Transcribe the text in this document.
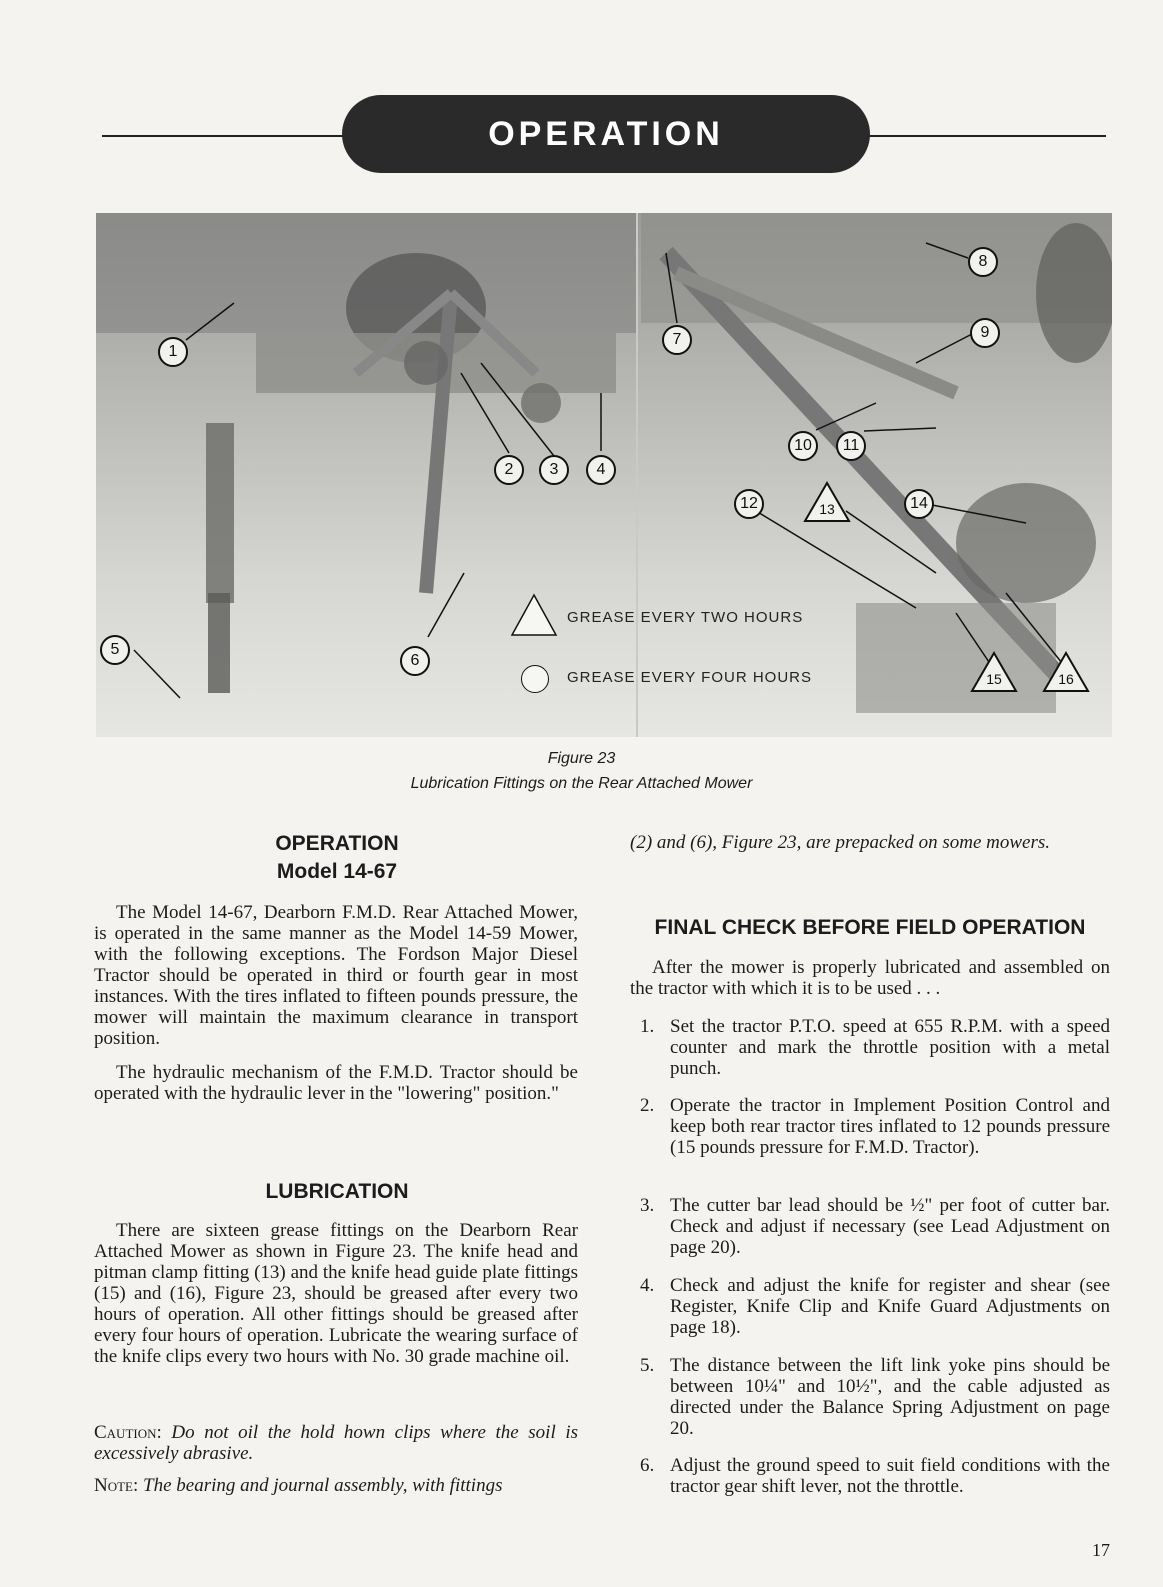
OPERATION
1
2	3	4
5
6
7
8
9
10	11
12	14
13
15	16
GREASE EVERY TWO HOURS
GREASE EVERY FOUR HOURS
Figure 23
Lubrication Fittings on the Rear Attached Mower
OPERATION
Model 14-67

The Model 14-67, Dearborn F.M.D. Rear Attached Mower, is operated in the same manner as the Model 14-59 Mower, with the following exceptions. The Fordson Major Diesel Tractor should be operated in third or fourth gear in most instances. With the tires inflated to fifteen pounds pressure, the mower will maintain the maximum clearance in transport position.

The hydraulic mechanism of the F.M.D. Tractor should be operated with the hydraulic lever in the "lowering" position."

LUBRICATION

There are sixteen grease fittings on the Dearborn Rear Attached Mower as shown in Figure 23. The knife head and pitman clamp fitting (13) and the knife head guide plate fittings (15) and (16), Figure 23, should be greased after every two hours of operation. All other fittings should be greased after every four hours of operation. Lubricate the wearing surface of the knife clips every two hours with No. 30 grade machine oil.

Caution: Do not oil the hold hown clips where the soil is excessively abrasive.

Note: The bearing and journal assembly, with fittings

(2) and (6), Figure 23, are prepacked on some mowers.

FINAL CHECK BEFORE FIELD OPERATION

After the mower is properly lubricated and assembled on the tractor with which it is to be used . . .

1. Set the tractor P.T.O. speed at 655 R.P.M. with a speed counter and mark the throttle position with a metal punch.
2. Operate the tractor in Implement Position Control and keep both rear tractor tires inflated to 12 pounds pressure (15 pounds pressure for F.M.D. Tractor).
3. The cutter bar lead should be ½" per foot of cutter bar. Check and adjust if necessary (see Lead Adjustment on page 20).
4. Check and adjust the knife for register and shear (see Register, Knife Clip and Knife Guard Adjustments on page 18).
5. The distance between the lift link yoke pins should be between 10¼" and 10½", and the cable adjusted as directed under the Balance Spring Adjustment on page 20.
6. Adjust the ground speed to suit field conditions with the tractor gear shift lever, not the throttle.
17
